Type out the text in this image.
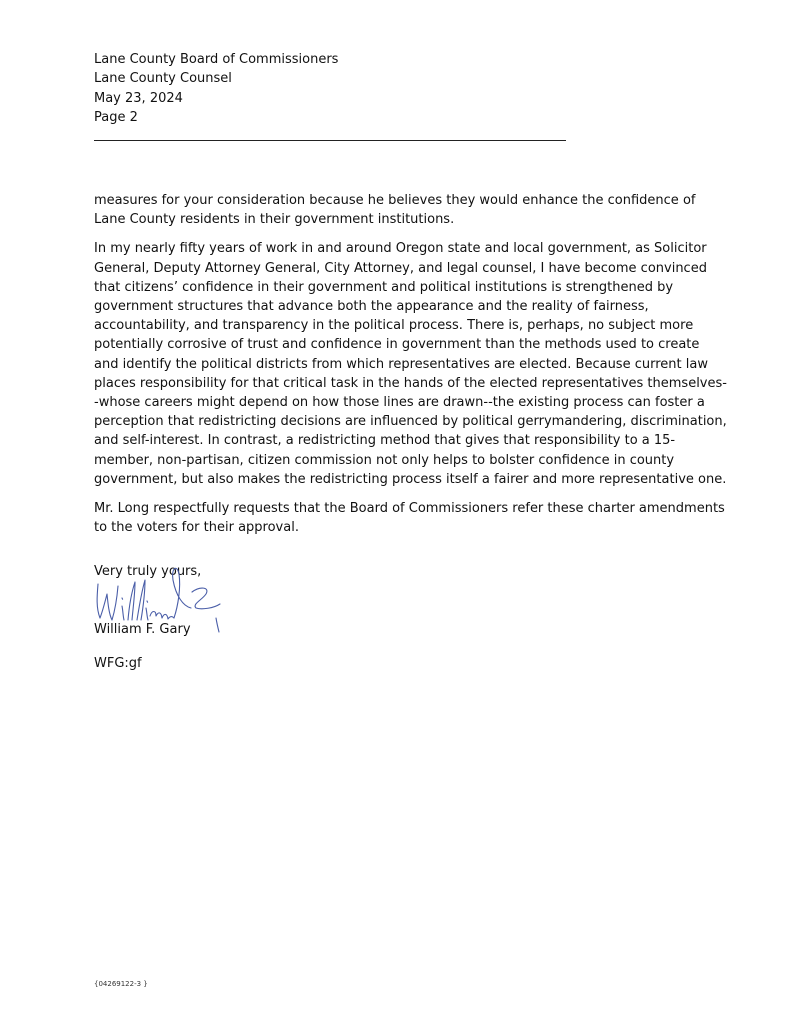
Lane County Board of Commissioners
Lane County Counsel
May 23, 2024
Page 2

measures for your consideration because he believes they would enhance the confidence of
Lane County residents in their government institutions.

In my nearly fifty years of work in and around Oregon state and local government, as Solicitor
General, Deputy Attorney General, City Attorney, and legal counsel, I have become convinced
that citizens’ confidence in their government and political institutions is strengthened by
government structures that advance both the appearance and the reality of fairness,
accountability, and transparency in the political process. There is, perhaps, no subject more
potentially corrosive of trust and confidence in government than the methods used to create
and identify the political districts from which representatives are elected. Because current law
places responsibility for that critical task in the hands of the elected representatives themselves-
-whose careers might depend on how those lines are drawn--the existing process can foster a
perception that redistricting decisions are influenced by political gerrymandering, discrimination,
and self-interest. In contrast, a redistricting method that gives that responsibility to a 15-
member, non-partisan, citizen commission not only helps to bolster confidence in county
government, but also makes the redistricting process itself a fairer and more representative one.

Mr. Long respectfully requests that the Board of Commissioners refer these charter amendments
to the voters for their approval.

Very truly yours,
William F. Gary
WFG:gf
{04269122-3 }
